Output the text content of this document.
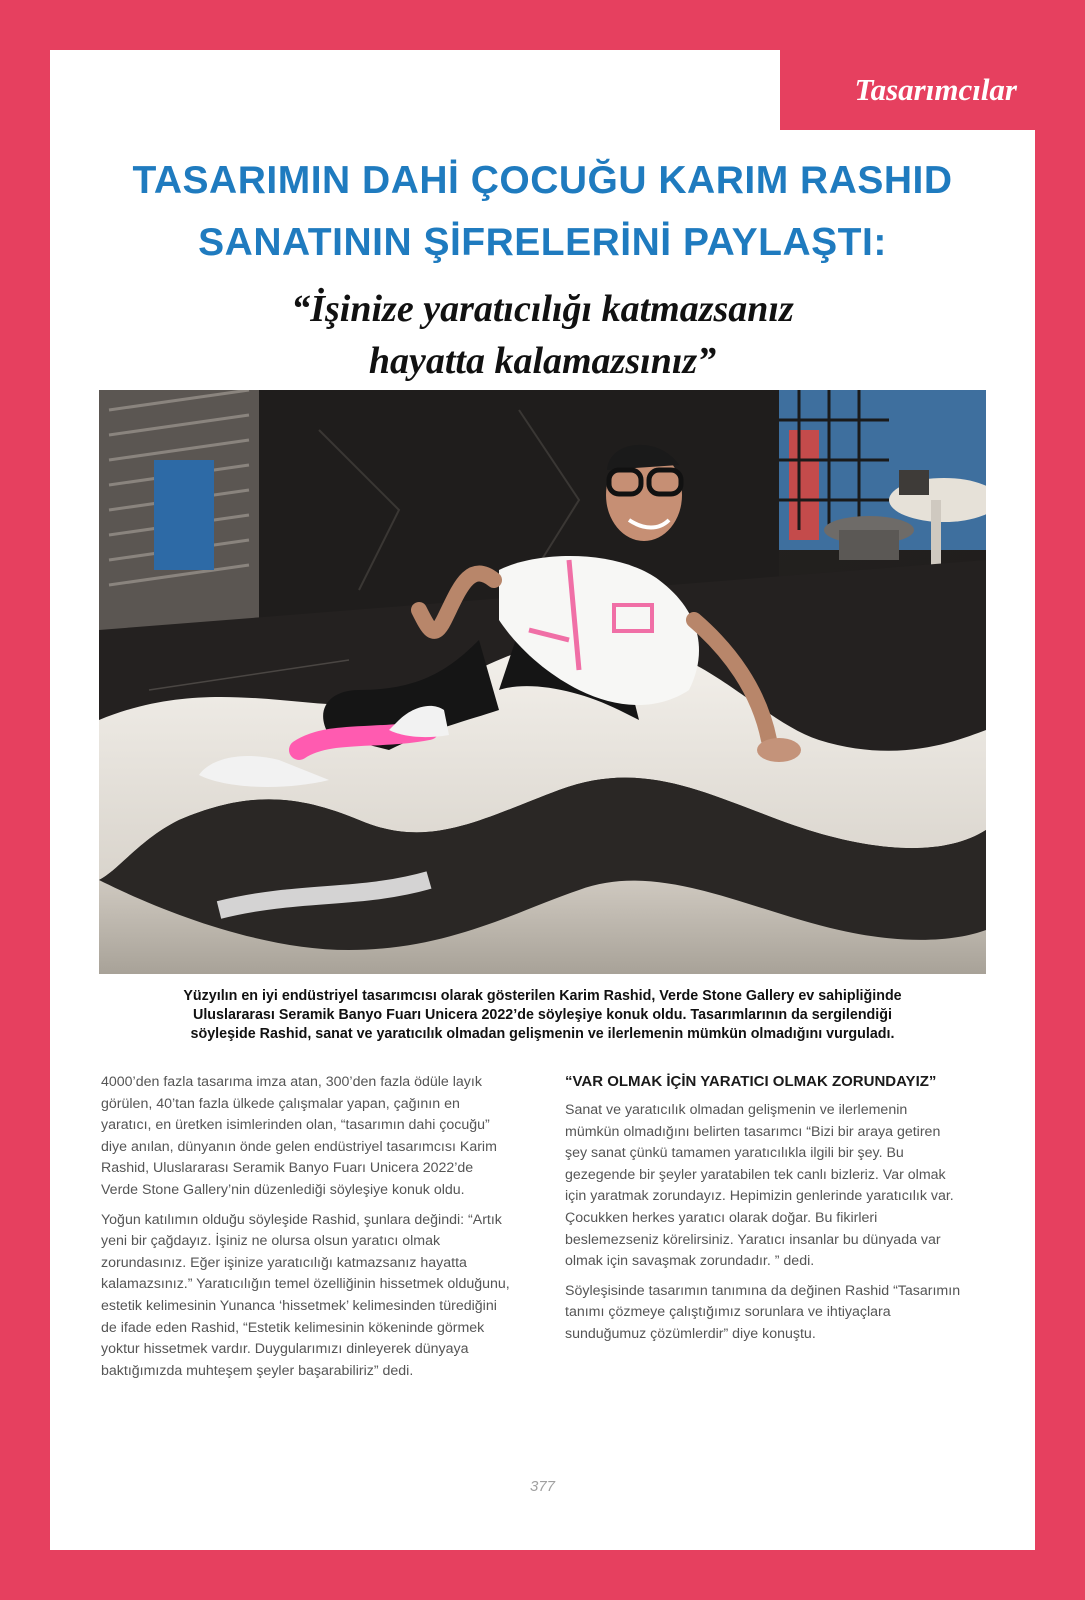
Tasarımcılar
TASARIMIN DAHİ ÇOCUĞU KARIM RASHID
SANATININ ŞİFRELERİNİ PAYLAŞTI:
“İşinize yaratıcılığı katmazsanız
hayatta kalamazsınız”
Yüzyılın en iyi endüstriyel tasarımcısı olarak gösterilen Karim Rashid, Verde Stone Gallery ev sahipliğinde
Uluslararası Seramik Banyo Fuarı Unicera 2022’de söyleşiye konuk oldu. Tasarımlarının da sergilendiği
söyleşide Rashid, sanat ve yaratıcılık olmadan gelişmenin ve ilerlemenin mümkün olmadığını vurguladı.

4000’den fazla tasarıma imza atan, 300’den fazla ödüle layık görülen, 40’tan fazla ülkede çalışmalar yapan, çağının en yaratıcı, en üretken isimlerinden olan, “tasarımın dahi çocuğu” diye anılan, dünyanın önde gelen endüstriyel tasarımcısı Karim Rashid, Uluslararası Seramik Banyo Fuarı Unicera 2022’de Verde Stone Gallery’nin düzenlediği söyleşiye konuk oldu.

Yoğun katılımın olduğu söyleşide Rashid, şunlara değindi: “Artık yeni bir çağdayız. İşiniz ne olursa olsun yaratıcı olmak zorundasınız. Eğer işinize yaratıcılığı katmazsanız hayatta kalamazsınız.” Yaratıcılığın temel özelliğinin hissetmek olduğunu, estetik kelimesinin Yunanca ‘hissetmek’ kelimesinden türediğini de ifade eden Rashid, “Estetik kelimesinin kökeninde görmek yoktur hissetmek vardır. Duygularımızı dinleyerek dünyaya baktığımızda muhteşem şeyler başarabiliriz” dedi.

“VAR OLMAK İÇİN YARATICI OLMAK ZORUNDAYIZ”

Sanat ve yaratıcılık olmadan gelişmenin ve ilerlemenin mümkün olmadığını belirten tasarımcı “Bizi bir araya getiren şey sanat çünkü tamamen yaratıcılıkla ilgili bir şey. Bu gezegende bir şeyler yaratabilen tek canlı bizleriz. Var olmak için yaratmak zorundayız. Hepimizin genlerinde yaratıcılık var. Çocukken herkes yaratıcı olarak doğar. Bu fikirleri beslemezseniz körelirsiniz. Yaratıcı insanlar bu dünyada var olmak için savaşmak zorundadır. ” dedi.

Söyleşisinde tasarımın tanımına da değinen Rashid “Tasarımın tanımı çözmeye çalıştığımız sorunlara ve ihtiyaçlara sunduğumuz çözümlerdir” diye konuştu.

377
